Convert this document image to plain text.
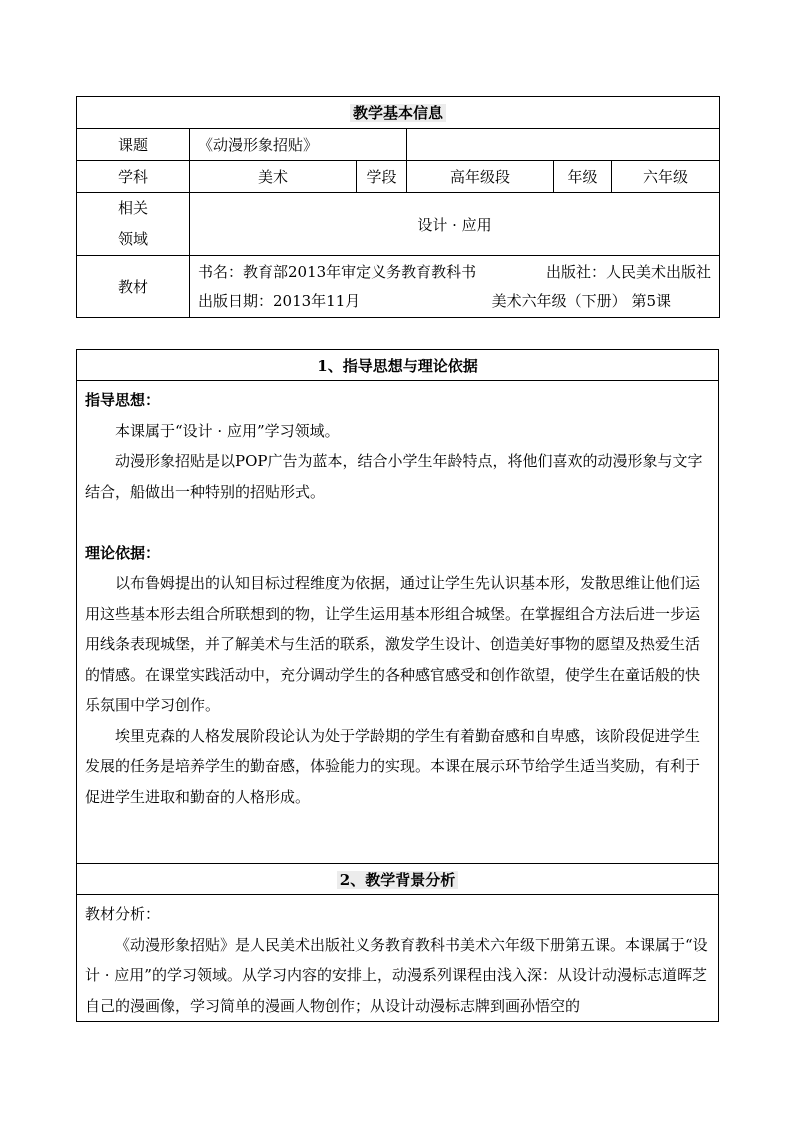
教学基本信息					
课题	《动漫形象招贴》				
学科	美术	学段	高年级段	年级	六年级

相关
领域	设计 · 应用				
教材	书名：教育部2013年审定义务教育教科书 出版社：人民美术出版社
出版日期：2013年11月 美术六年级（下册） 第5课				
1、指导思想与理论依据

指导思想：

本课属于“设计 · 应用”学习领域。

动漫形象招贴是以POP广告为蓝本，结合小学生年龄特点，将他们喜欢的动漫形象与文字结合，船做出一种特别的招贴形式。

理论依据：

以布鲁姆提出的认知目标过程维度为依据，通过让学生先认识基本形，发散思维让他们运用这些基本形去组合所联想到的物，让学生运用基本形组合城堡。在掌握组合方法后进一步运用线条表现城堡，并了解美术与生活的联系，激发学生设计、创造美好事物的愿望及热爱生活的情感。在课堂实践活动中，充分调动学生的各种感官感受和创作欲望，使学生在童话般的快乐氛围中学习创作。

埃里克森的人格发展阶段论认为处于学龄期的学生有着勤奋感和自卑感，该阶段促进学生发展的任务是培养学生的勤奋感，体验能力的实现。本课在展示环节给学生适当奖励，有利于促进学生进取和勤奋的人格形成。

2、教学背景分析

教材分析：

《动漫形象招贴》是人民美术出版社义务教育教科书美术六年级下册第五课。本课属于“设计 · 应用”的学习领域。从学习内容的安排上，动漫系列课程由浅入深：从设计动漫标志道晖芝自己的漫画像，学习简单的漫画人物创作；从设计动漫标志牌到画孙悟空的
